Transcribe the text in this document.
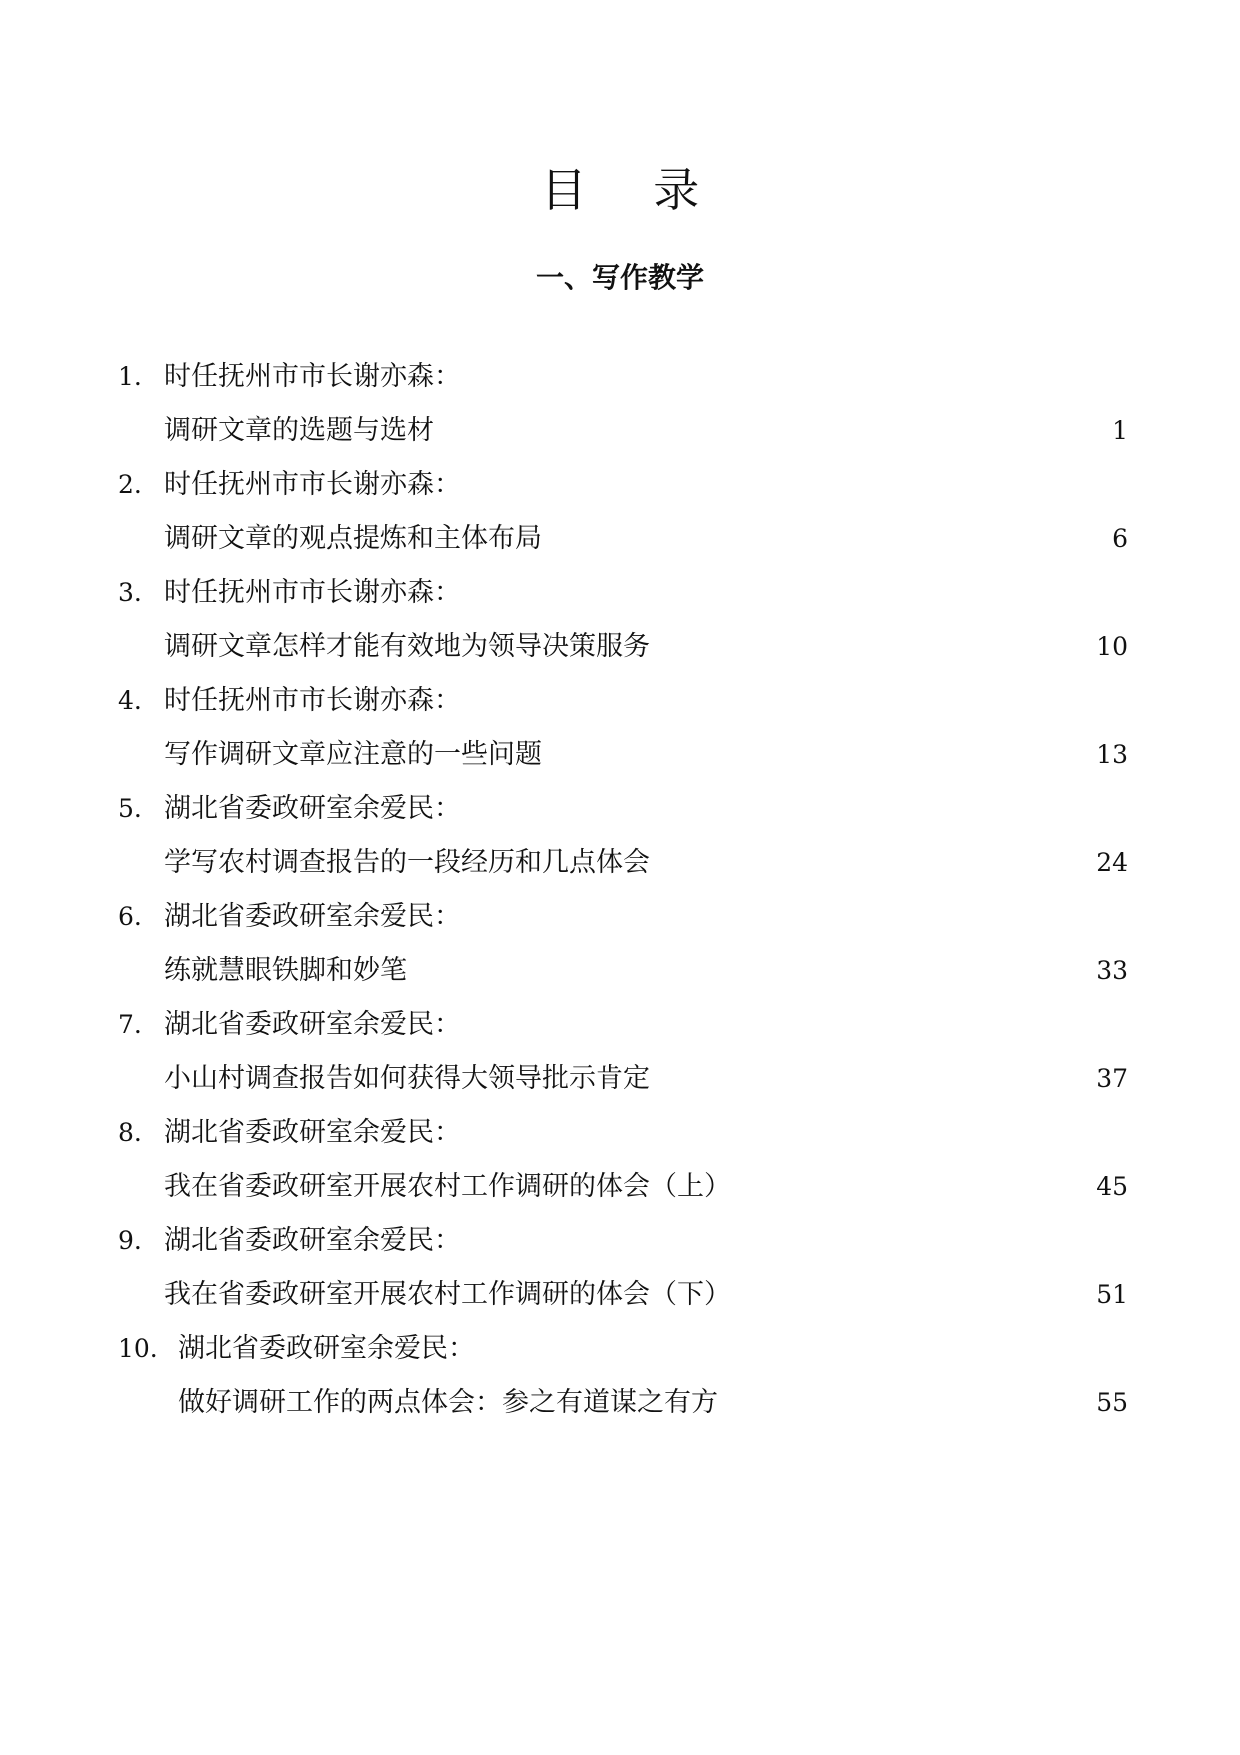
目 录
一、写作教学
1. 时任抚州市市长谢亦森：
调研文章的选题与选材	1
2. 时任抚州市市长谢亦森：
调研文章的观点提炼和主体布局	6
3. 时任抚州市市长谢亦森：
调研文章怎样才能有效地为领导决策服务	10
4. 时任抚州市市长谢亦森：
写作调研文章应注意的一些问题	13
5. 湖北省委政研室余爱民：
学写农村调查报告的一段经历和几点体会	24
6. 湖北省委政研室余爱民：
练就慧眼铁脚和妙笔	33
7. 湖北省委政研室余爱民：
小山村调查报告如何获得大领导批示肯定	37
8. 湖北省委政研室余爱民：
我在省委政研室开展农村工作调研的体会（上）	45
9. 湖北省委政研室余爱民：
我在省委政研室开展农村工作调研的体会（下）	51
10. 湖北省委政研室余爱民：
做好调研工作的两点体会：参之有道谋之有方	55
